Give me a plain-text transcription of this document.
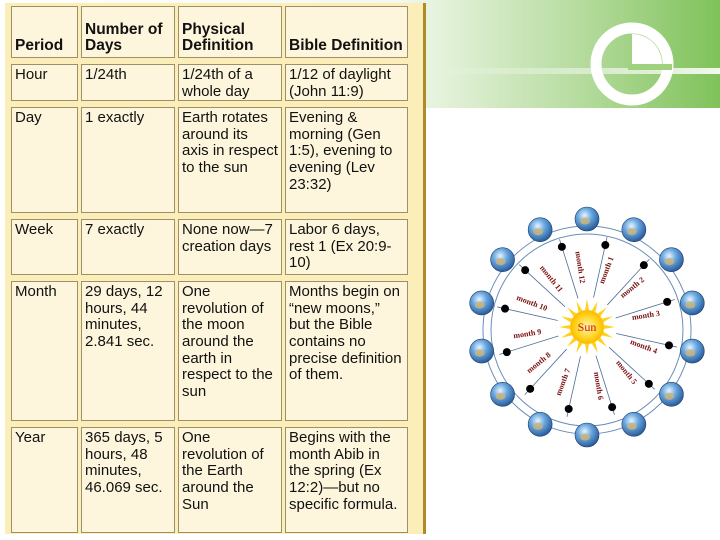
Period	Number of Days	Physical Definition	Bible Definition
Hour	1/24th	1/24th of a whole day	1/12 of daylight (John 11:9)
Day	1 exactly	Earth rotates around its axis in respect to the sun	Evening & morning (Gen 1:5), evening to evening (Lev 23:32)
Week	7 exactly	None now—7 creation days	Labor 6 days, rest 1 (Ex 20:9-10)
Month	29 days, 12 hours, 44 minutes, 2.841 sec.	One revolution of the moon around the earth in respect to the sun	Months begin on “new moons,” but the Bible contains no precise definition of them.
Year	365 days, 5 hours, 48 minutes, 46.069 sec.	One revolution of the Earth around the Sun	Begins with the month Abib in the spring (Ex 12:2)—but no specific formula.
month 1
month 2
month 3
month 4
month 5
month 6
month 7
month 8
month 9
month 10
month 11 month 12
Sun
